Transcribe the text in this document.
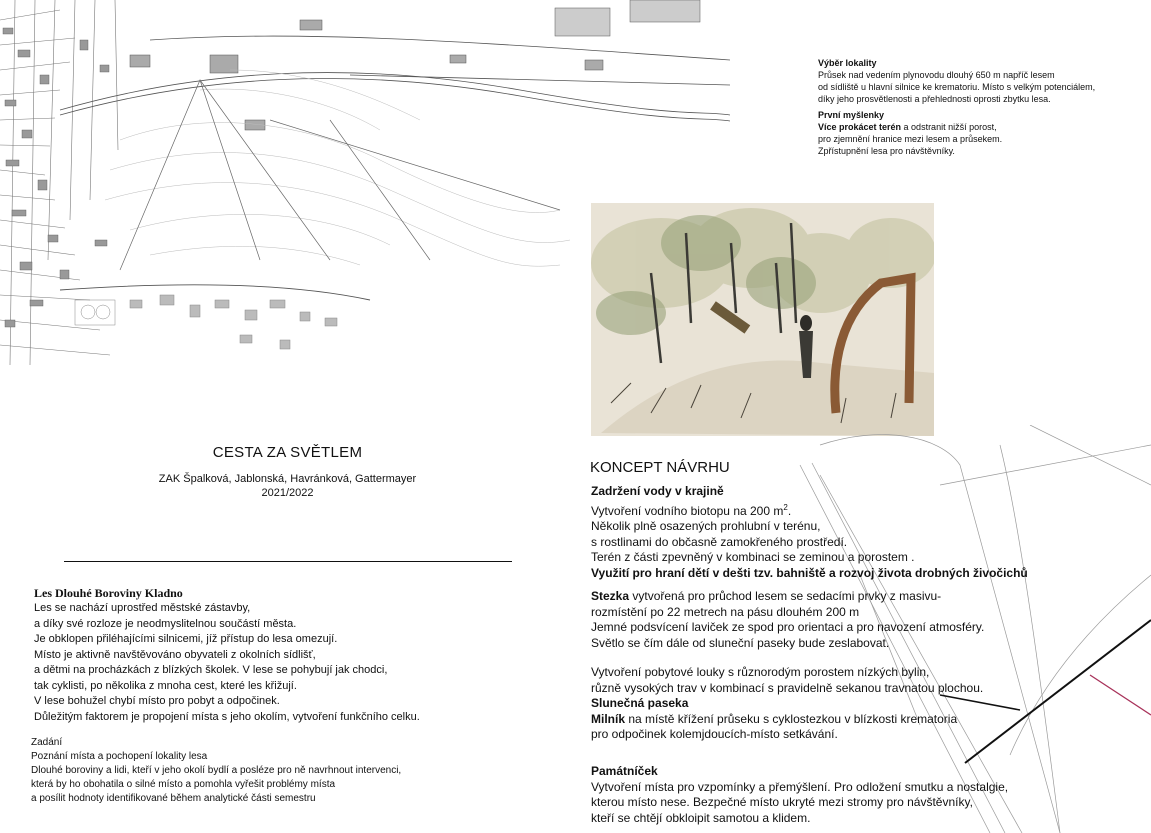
Výběr lokality
Průsek nad vedením plynovodu dlouhý 650 m napříč lesem
od sídliště u hlavní silnice ke krematoriu. Místo s velkým potenciálem,
díky jeho prosvětlenosti a přehlednosti oprosti zbytku lesa.
První myšlenky
Více prokácet terén a odstranit nižší porost,
pro zjemnění hranice mezi lesem a průsekem.
Zpřístupnění lesa pro návštěvníky.
CESTA ZA SVĚTLEM
ZAK Špalková, Jablonská, Havránková, Gattermayer
2021/2022
Les Dlouhé Boroviny Kladno
Les se nachází uprostřed městské zástavby,
a díky své rozloze je neodmyslitelnou součástí města.
Je obklopen přiléhajícími silnicemi, jíž přístup do lesa omezují.
Místo je aktivně navštěvováno obyvateli z okolních sídlišť,
a dětmi na procházkách z blízkých školek. V lese se pohybují jak chodci,
tak cyklisti, po několika z mnoha cest, které les křižují.
V lese bohužel chybí místo pro pobyt a odpočinek.
Důležitým faktorem je propojení místa s jeho okolím, vytvoření funkčního celku.
Zadání
Poznání místa a pochopení lokality lesa
Dlouhé boroviny a lidi, kteří v jeho okolí bydlí a posléze pro ně navrhnout intervenci,
která by ho obohatila o silné místo a pomohla vyřešit problémy místa
a posílit hodnoty identifikované během analytické části semestru
KONCEPT NÁVRHU
Zadržení vody v krajině
Vytvoření vodního biotopu na 200 $m^2$.
Několik plně osazených prohlubní v terénu,
s rostlinami do občasně zamokřeného prostředí.
Terén z části zpevněný v kombinaci se zeminou a porostem .
Využití pro hraní dětí v dešti tzv. bahniště a rozvoj života drobných živočichů
Stezka vytvořená pro průchod lesem se sedacími prvky z masivu-
rozmístění po 22 metrech na pásu dlouhém 200 m
Jemné podsvícení laviček ze spod pro orientaci a pro navození atmosféry.
Světlo se čím dále od sluneční paseky bude zeslabovat.
Vytvoření pobytové louky s různorodým porostem nízkých bylin,
různě vysokých trav v kombinací s pravidelně sekanou travnatou plochou.
Slunečná paseka
Milník na místě křížení průseku s cyklostezkou v blízkosti krematoria
pro odpočinek kolemjdoucích-místo setkávání.
Památníček
Vytvoření místa pro vzpomínky a přemýšlení. Pro odložení smutku a nostalgie,
kterou místo nese. Bezpečné místo ukryté mezi stromy pro návštěvníky,
kteří se chtějí obkloipit samotou a klidem.
